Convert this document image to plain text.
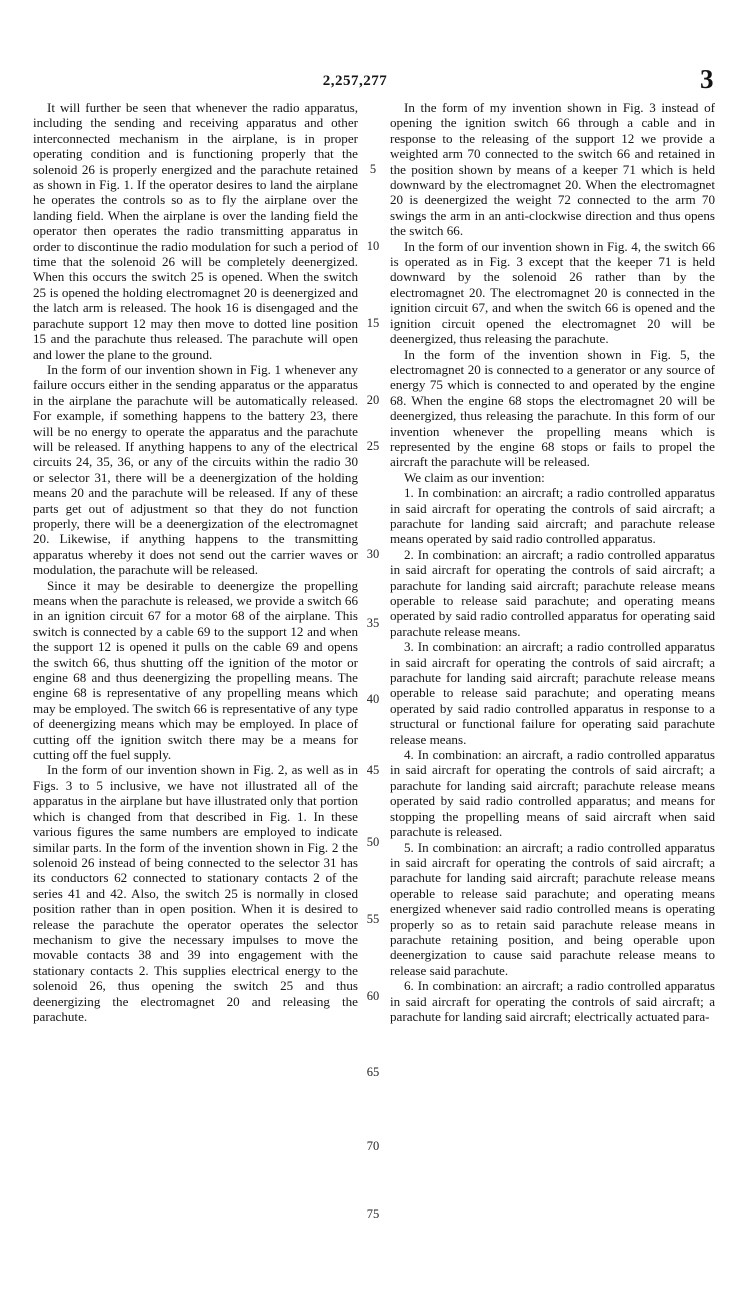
2,257,277	3

It will further be seen that whenever the radio apparatus, including the sending and receiving apparatus and other interconnected mechanism in the airplane, is in proper operating condition and is functioning properly that the solenoid 26 is properly energized and the parachute retained as shown in Fig. 1. If the operator desires to land the airplane he operates the controls so as to fly the airplane over the landing field. When the airplane is over the landing field the operator then operates the radio transmitting apparatus in order to discontinue the radio modulation for such a period of time that the solenoid 26 will be completely deenergized. When this occurs the switch 25 is opened. When the switch 25 is opened the holding electromagnet 20 is deenergized and the latch arm is released. The hook 16 is disengaged and the parachute support 12 may then move to dotted line position 15 and the parachute thus released. The parachute will open and lower the plane to the ground.

In the form of our invention shown in Fig. 1 whenever any failure occurs either in the sending apparatus or the apparatus in the airplane the parachute will be automatically released. For example, if something happens to the battery 23, there will be no energy to operate the apparatus and the parachute will be released. If anything happens to any of the electrical circuits 24, 35, 36, or any of the circuits within the radio 30 or selector 31, there will be a deenergization of the holding means 20 and the parachute will be released. If any of these parts get out of adjustment so that they do not function properly, there will be a deenergization of the electromagnet 20. Likewise, if anything happens to the transmitting apparatus whereby it does not send out the carrier waves or modulation, the parachute will be released.

Since it may be desirable to deenergize the propelling means when the parachute is released, we provide a switch 66 in an ignition circuit 67 for a motor 68 of the airplane. This switch is connected by a cable 69 to the support 12 and when the support 12 is opened it pulls on the cable 69 and opens the switch 66, thus shutting off the ignition of the motor or engine 68 and thus deenergizing the propelling means. The engine 68 is representative of any propelling means which may be employed. The switch 66 is representative of any type of deenergizing means which may be employed. In place of cutting off the ignition switch there may be a means for cutting off the fuel supply.

In the form of our invention shown in Fig. 2, as well as in Figs. 3 to 5 inclusive, we have not illustrated all of the apparatus in the airplane but have illustrated only that portion which is changed from that described in Fig. 1. In these various figures the same numbers are employed to indicate similar parts. In the form of the invention shown in Fig. 2 the solenoid 26 instead of being connected to the selector 31 has its conductors 62 connected to stationary contacts 2 of the series 41 and 42. Also, the switch 25 is normally in closed position rather than in open position. When it is desired to release the parachute the operator operates the selector mechanism to give the necessary impulses to move the movable contacts 38 and 39 into engagement with the stationary contacts 2. This supplies electrical energy to the solenoid 26, thus opening the switch 25 and thus deenergizing the electromagnet 20 and releasing the parachute.

5
10
15
20
25
30
35
40
45
50
55
60
65
70
75

In the form of my invention shown in Fig. 3 instead of opening the ignition switch 66 through a cable and in response to the releasing of the support 12 we provide a weighted arm 70 connected to the switch 66 and retained in the position shown by means of a keeper 71 which is held downward by the electromagnet 20. When the electromagnet 20 is deenergized the weight 72 connected to the arm 70 swings the arm in an anti-clockwise direction and thus opens the switch 66.

In the form of our invention shown in Fig. 4, the switch 66 is operated as in Fig. 3 except that the keeper 71 is held downward by the solenoid 26 rather than by the electromagnet 20. The electromagnet 20 is connected in the ignition circuit 67, and when the switch 66 is opened and the ignition circuit opened the electromagnet 20 will be deenergized, thus releasing the parachute.

In the form of the invention shown in Fig. 5, the electromagnet 20 is connected to a generator or any source of energy 75 which is connected to and operated by the engine 68. When the engine 68 stops the electromagnet 20 will be deenergized, thus releasing the parachute. In this form of our invention whenever the propelling means which is represented by the engine 68 stops or fails to propel the aircraft the parachute will be released.

We claim as our invention:

1. In combination: an aircraft; a radio controlled apparatus in said aircraft for operating the controls of said aircraft; a parachute for landing said aircraft; and parachute release means operated by said radio controlled apparatus.

2. In combination: an aircraft; a radio controlled apparatus in said aircraft for operating the controls of said aircraft; a parachute for landing said aircraft; parachute release means operable to release said parachute; and operating means operated by said radio controlled apparatus for operating said parachute release means.

3. In combination: an aircraft; a radio controlled apparatus in said aircraft for operating the controls of said aircraft; a parachute for landing said aircraft; parachute release means operable to release said parachute; and operating means operated by said radio controlled apparatus in response to a structural or functional failure for operating said parachute release means.

4. In combination: an aircraft, a radio controlled apparatus in said aircraft for operating the controls of said aircraft; a parachute for landing said aircraft; parachute release means operated by said radio controlled apparatus; and means for stopping the propelling means of said aircraft when said parachute is released.

5. In combination: an aircraft; a radio controlled apparatus in said aircraft for operating the controls of said aircraft; a parachute for landing said aircraft; parachute release means operable to release said parachute; and operating means energized whenever said radio controlled means is operating properly so as to retain said parachute release means in parachute retaining position, and being operable upon deenergization to cause said parachute release means to release said parachute.

6. In combination: an aircraft; a radio controlled apparatus in said aircraft for operating the controls of said aircraft; a parachute for landing said aircraft; electrically actuated para-
